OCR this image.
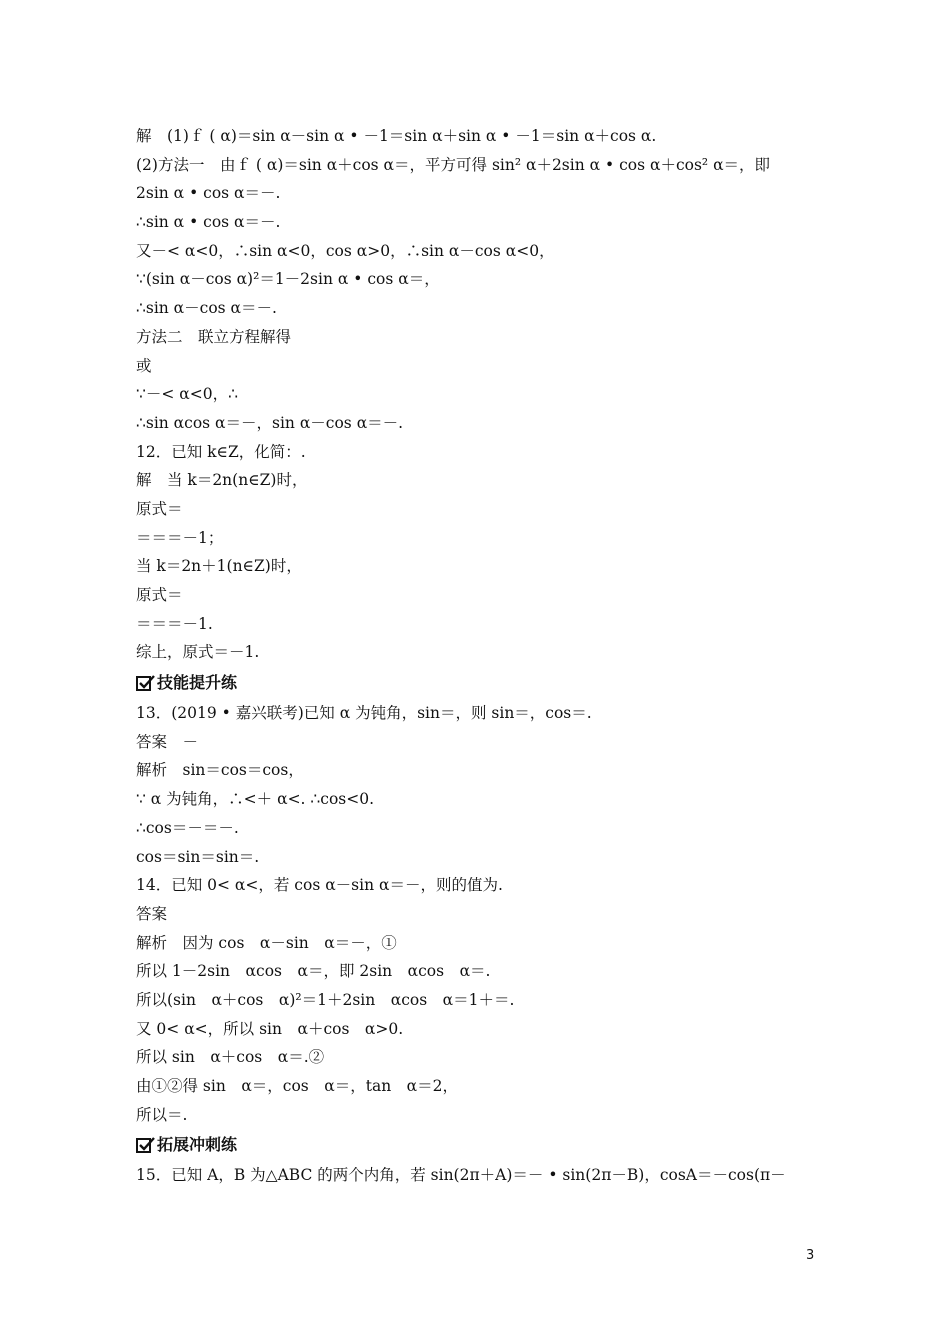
解　(1)ｆ ( α)＝sin α－sin α • －1＝sin α＋sin α • －1＝sin α＋cos α.
(2)方法一　由ｆ ( α)＝sin α＋cos α＝，平方可得 sin² α＋2sin α • cos α＋cos² α＝，即
2sin α • cos α＝－.
∴sin α • cos α＝－.
又－< α<0，∴sin α<0，cos α>0，∴sin α－cos α<0，
∵(sin α－cos α)²＝1－2sin α • cos α＝，
∴sin α－cos α＝－.
方法二　联立方程解得
或
∵－< α<0，∴
∴sin αcos α＝－，sin α－cos α＝－.
12．已知 k∈Z，化简：.
解　当 k＝2n(n∈Z)时，
原式＝
＝＝＝－1；
当 k＝2n＋1(n∈Z)时，
原式＝
＝＝＝－1.
综上，原式＝－1.
技能提升练
13．(2019 • 嘉兴联考)已知 α 为钝角，sin＝，则 sin＝，cos＝.
答案　－
解析　sin＝cos＝cos，
∵ α 为钝角，∴<＋ α<. ∴cos<0.
∴cos＝－＝－.
cos＝sin＝sin＝.
14．已知 0< α<，若 cos α－sin α＝－，则的值为.
答案
解析　因为 cos　α－sin　α＝－，①
所以 1－2sin　αcos　α＝，即 2sin　αcos　α＝.
所以(sin　α＋cos　α)²＝1＋2sin　αcos　α＝1＋＝.
又 0< α<，所以 sin　α＋cos　α>0.
所以 sin　α＋cos　α＝.②
由①②得 sin　α＝，cos　α＝，tan　α＝2，
所以＝.
拓展冲刺练
15．已知 A，B 为△ABC 的两个内角，若 sin(2π＋A)＝－ • sin(2π－B)，cosA＝－cos(π－
3
